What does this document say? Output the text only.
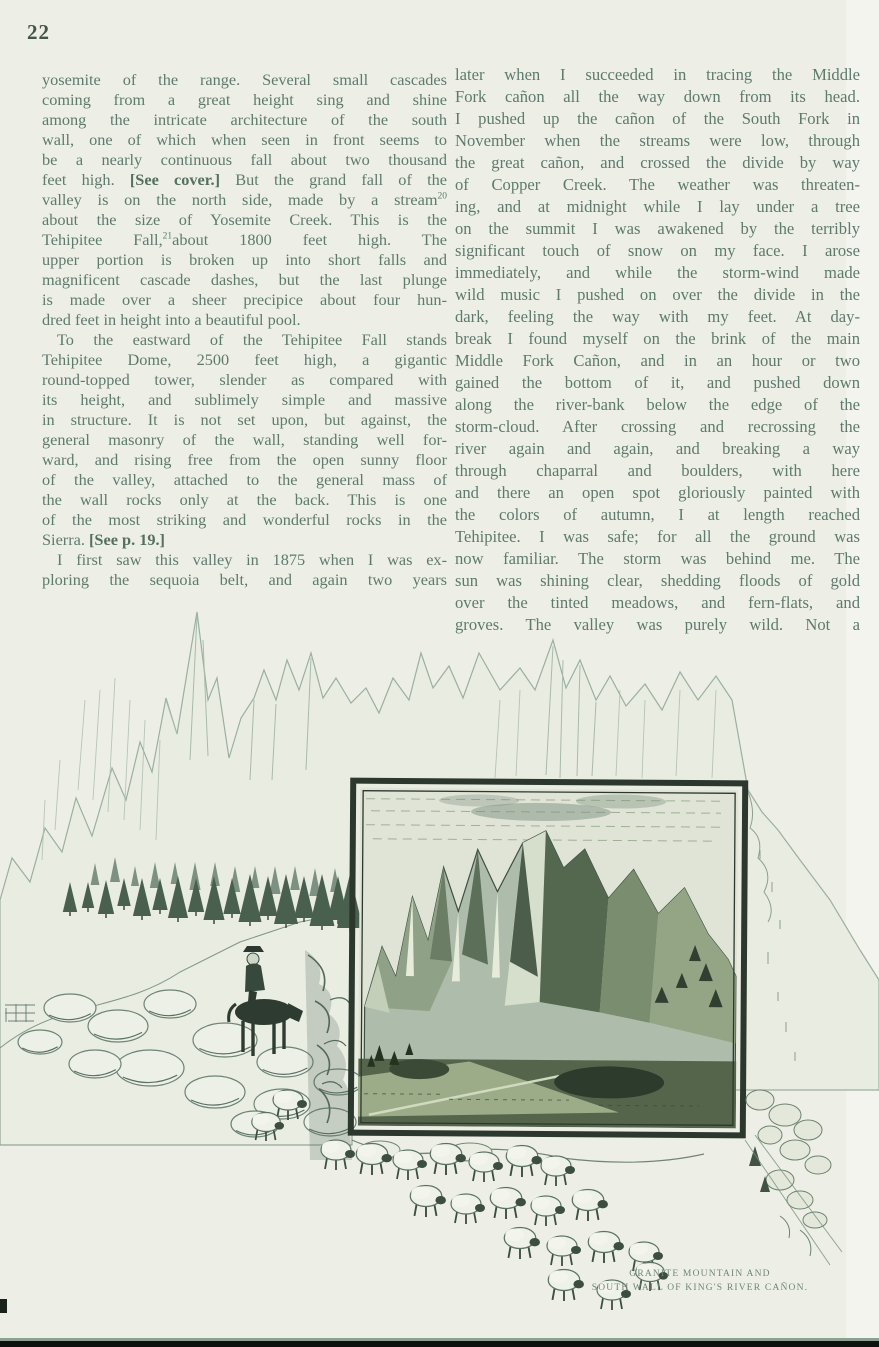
22
yosemite of the range. Several small cascades
coming from a great height sing and shine
among the intricate architecture of the south
wall, one of which when seen in front seems to
be a nearly continuous fall about two thousand
feet high. [See cover.] But the grand fall of the
valley is on the north side, made by a stream$^{20}$
about the size of Yosemite Creek. This is the
Tehipitee Fall,$^{21}$about 1800 feet high. The
upper portion is broken up into short falls and
magnificent cascade dashes, but the last plunge
is made over a sheer precipice about four hun-
dred feet in height into a beautiful pool.
To the eastward of the Tehipitee Fall stands
Tehipitee Dome, 2500 feet high, a gigantic
round-topped tower, slender as compared with
its height, and sublimely simple and massive
in structure. It is not set upon, but against, the
general masonry of the wall, standing well for-
ward, and rising free from the open sunny floor
of the valley, attached to the general mass of
the wall rocks only at the back. This is one
of the most striking and wonderful rocks in the
Sierra. [See p. 19.]
I first saw this valley in 1875 when I was ex-
ploring the sequoia belt, and again two years
later when I succeeded in tracing the Middle
Fork cañon all the way down from its head.
I pushed up the cañon of the South Fork in
November when the streams were low, through
the great cañon, and crossed the divide by way
of Copper Creek. The weather was threaten-
ing, and at midnight while I lay under a tree
on the summit I was awakened by the terribly
significant touch of snow on my face. I arose
immediately, and while the storm-wind made
wild music I pushed on over the divide in the
dark, feeling the way with my feet. At day-
break I found myself on the brink of the main
Middle Fork Cañon, and in an hour or two
gained the bottom of it, and pushed down
along the river-bank below the edge of the
storm-cloud. After crossing and recrossing the
river again and again, and breaking a way
through chaparral and boulders, with here
and there an open spot gloriously painted with
the colors of autumn, I at length reached
Tehipitee. I was safe; for all the ground was
now familiar. The storm was behind me. The
sun was shining clear, shedding floods of gold
over the tinted meadows, and fern-flats, and
groves. The valley was purely wild. Not a
GRANITE MOUNTAIN AND
SOUTH WALL OF KING'S RIVER CAÑON.
